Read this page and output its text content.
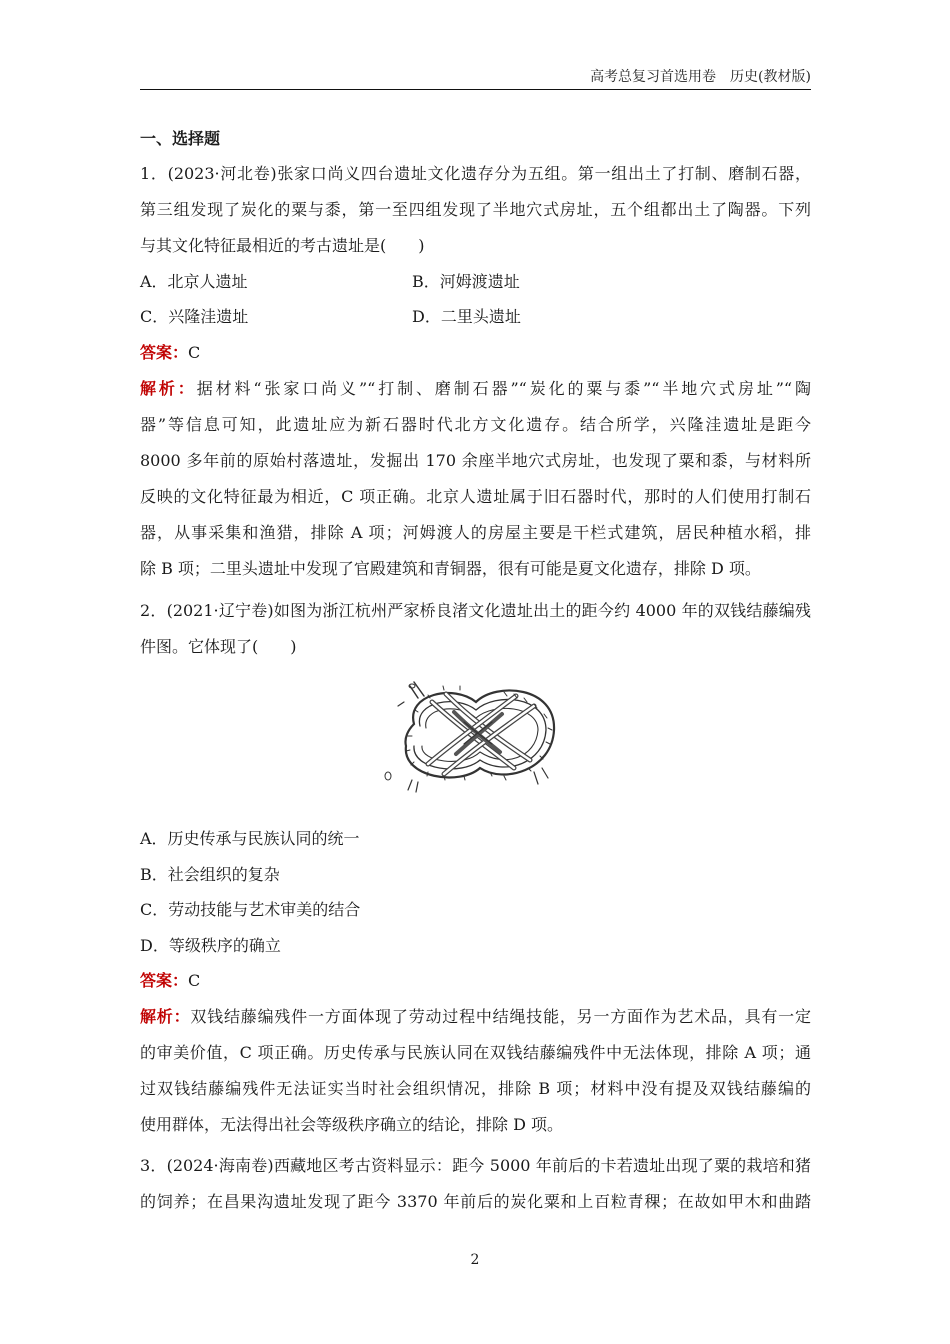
高考总复习首选用卷　历史(教材版)
一、选择题
1．(2023·河北卷)张家口尚义四台遗址文化遗存分为五组。第一组出土了打制、磨制石器，
第三组发现了炭化的粟与黍，第一至四组发现了半地穴式房址，五个组都出土了陶器。下列
与其文化特征最相近的考古遗址是(　　)
A．北京人遗址	B．河姆渡遗址
C．兴隆洼遗址	D．二里头遗址
答案：C
解析：据材料“张家口尚义”“打制、磨制石器”“炭化的粟与黍”“半地穴式房址”“陶
器”等信息可知，此遗址应为新石器时代北方文化遗存。结合所学，兴隆洼遗址是距今
8000 多年前的原始村落遗址，发掘出 170 余座半地穴式房址，也发现了粟和黍，与材料所
反映的文化特征最为相近，C 项正确。北京人遗址属于旧石器时代，那时的人们使用打制石
器，从事采集和渔猎，排除 A 项；河姆渡人的房屋主要是干栏式建筑，居民种植水稻，排
除 B 项；二里头遗址中发现了官殿建筑和青铜器，很有可能是夏文化遗存，排除 D 项。
2．(2021·辽宁卷)如图为浙江杭州严家桥良渚文化遗址出土的距今约 4000 年的双钱结藤编残
件图。它体现了(　　)
A．历史传承与民族认同的统一
B．社会组织的复杂
C．劳动技能与艺术审美的结合
D．等级秩序的确立
答案：C
解析：双钱结藤编残件一方面体现了劳动过程中结绳技能，另一方面作为艺术品，具有一定
的审美价值，C 项正确。历史传承与民族认同在双钱结藤编残件中无法体现，排除 A 项；通
过双钱结藤编残件无法证实当时社会组织情况，排除 B 项；材料中没有提及双钱结藤编的
使用群体，无法得出社会等级秩序确立的结论，排除 D 项。
3．(2024·海南卷)西藏地区考古资料显示：距今 5000 年前后的卡若遗址出现了粟的栽培和猪
的饲养；在昌果沟遗址发现了距今 3370 年前后的炭化粟和上百粒青稞；在故如甲木和曲踏
2
